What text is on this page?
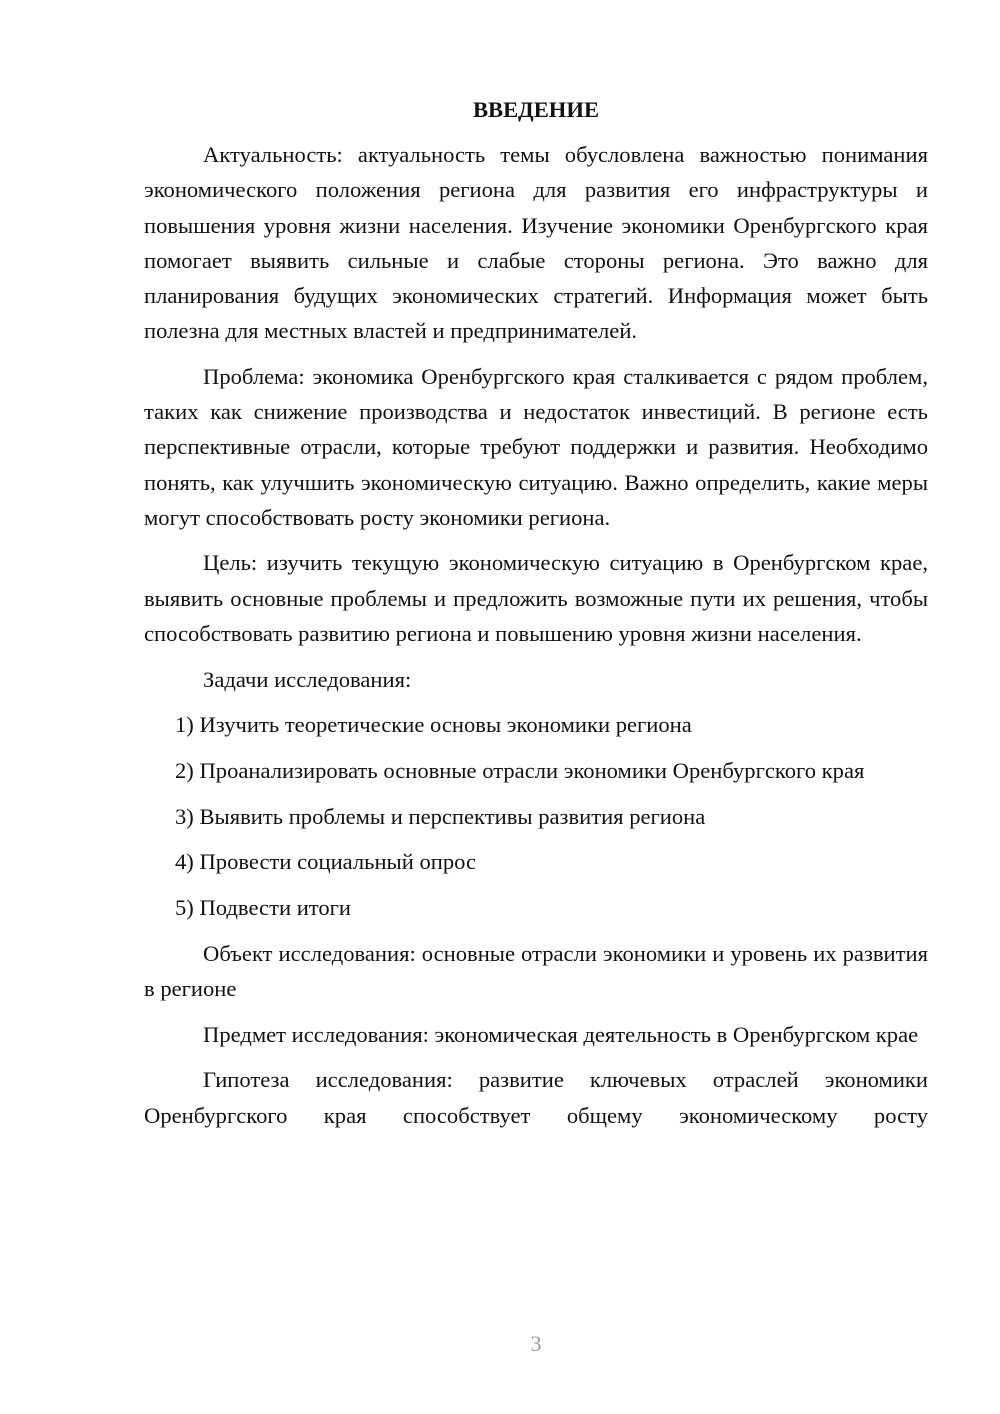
ВВЕДЕНИЕ

Актуальность: актуальность темы обусловлена важностью понимания экономического положения региона для развития его инфраструктуры и повышения уровня жизни населения. Изучение экономики Оренбургского края помогает выявить сильные и слабые стороны региона. Это важно для планирования будущих экономических стратегий. Информация может быть полезна для местных властей и предпринимателей.

Проблема: экономика Оренбургского края сталкивается с рядом проблем, таких как снижение производства и недостаток инвестиций. В регионе есть перспективные отрасли, которые требуют поддержки и развития. Необходимо понять, как улучшить экономическую ситуацию. Важно определить, какие меры могут способствовать росту экономики региона.

Цель: изучить текущую экономическую ситуацию в Оренбургском крае, выявить основные проблемы и предложить возможные пути их решения, чтобы способствовать развитию региона и повышению уровня жизни населения.

Задачи исследования:

1) Изучить теоретические основы экономики региона

2) Проанализировать основные отрасли экономики Оренбургского края

3) Выявить проблемы и перспективы развития региона

4) Провести социальный опрос

5) Подвести итоги

Объект исследования: основные отрасли экономики и уровень их развития в регионе

Предмет исследования: экономическая деятельность в Оренбургском крае

Гипотеза исследования: развитие ключевых отраслей экономики Оренбургского края способствует общему экономическому росту

3
